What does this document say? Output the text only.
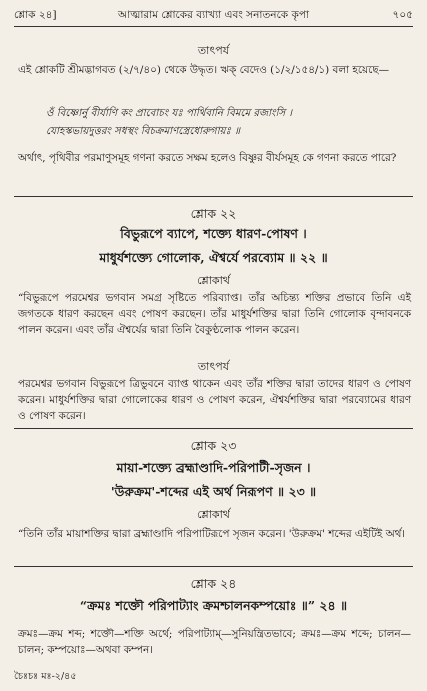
শ্লোক ২৪]	আত্মারাম শ্লোকের ব্যাখ্যা এবং সনাতনকে কৃপা	৭০৫
তাৎপর্য
এই শ্লোকটি শ্রীমদ্ভাগবত (২/৭/৪০) থেকে উদ্ধৃত। ঋক্‌ বেদেও (১/২/১৫৪/১) বলা হয়েছে—
ওঁ বিষ্ণোর্নু বীর্যাণি কং প্রাবোচং যঃ পার্থিবানি বিমমে রজাংসি ।
যোহস্কভায়দুত্তরং সধস্থং বিচক্রমাণস্ত্রেধোরুগায়ঃ ॥
অর্থাৎ, পৃথিবীর পরমাণুসমূহ গণনা করতে সক্ষম হলেও বিষ্ণুর বীর্যসমূহ কে গণনা করতে পারে?
শ্লোক ২২
বিভুরূপে ব্যাপে, শক্ত্যে ধারণ-পোষণ ।
মাধুর্যশক্ত্যে গোলোক, ঐশ্বর্যে পরব্যোম ॥ ২২ ॥
শ্লোকার্থ
“বিভুরূপে পরমেশ্বর ভগবান সমগ্র সৃষ্টিতে পরিব্যাপ্ত। তাঁর অচিন্ত্য শক্তির প্রভাবে তিনি এই জগতকে ধারণ করছেন এবং পোষণ করছেন। তাঁর মাধুর্যশক্তির দ্বারা তিনি গোলোক বৃন্দাবনকে পালন করেন। এবং তাঁর ঐশ্বর্যের দ্বারা তিনি বৈকুণ্ঠলোক পালন করেন।
তাৎপর্য
পরমেশ্বর ভগবান বিভুরূপে ত্রিভুবনে ব্যাপ্ত থাকেন এবং তাঁর শক্তির দ্বারা তাদের ধারণ ও পোষণ করেন। মাধুর্যশক্তির দ্বারা গোলোকের ধারণ ও পোষণ করেন, ঐশ্বর্যশক্তির দ্বারা পরব্যোমের ধারণ ও পোষণ করেন।
শ্লোক ২৩
মায়া-শক্ত্যে ব্রহ্মাণ্ডাদি-পরিপাটী-সৃজন ।
'উরুক্রম'-শব্দের এই অর্থ নিরূপণ ॥ ২৩ ॥
শ্লোকার্থ
“তিনি তাঁর মায়াশক্তির দ্বারা ব্রহ্মাণ্ডাদি পরিপাটিরূপে সৃজন করেন। 'উরুক্রম' শব্দের এইটিই অর্থ।
শ্লোক ২৪
“ক্রমঃ শক্তৌ পরিপাট্যাং ক্রমশ্চালনকম্পয়োঃ ॥” ২৪ ॥
ক্রমঃ—ক্রম শব্দ; শক্তৌ—শক্তি অর্থে; পরিপাট্যাম্—সুনিয়ন্ত্রিতভাবে; ক্রমঃ—ক্রম শব্দে; চালন—চালন; কম্পয়োঃ—অথবা কম্পন।
চৈঃচঃ মঃ-২/৪৫
